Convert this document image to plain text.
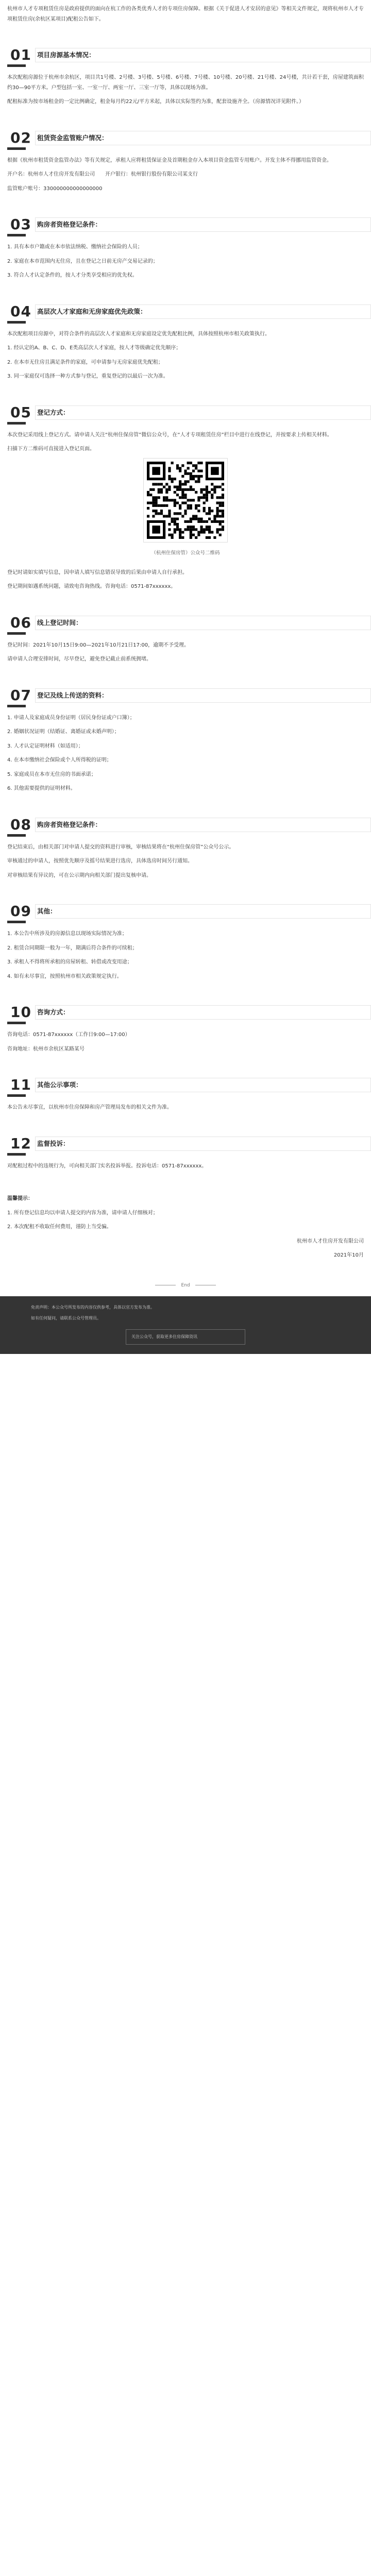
杭州市人才专项租赁住房是政府提供的面向在杭工作的各类优秀人才的专项住房保障。根据《关于促进人才安居的意见》等相关文件规定，现将杭州市人才专项租赁住房(余杭区某项目)配租公告如下。

01 项目房源基本情况：

本次配租房源位于杭州市余杭区，项目共1号楼、2号楼、3号楼、5号楼、6号楼、7号楼、10号楼、20号楼、21号楼、24号楼，共计若干套，房屋建筑面积约30—90平方米。户型包括一室、一室一厅、两室一厅、三室一厅等，具体以现场为准。

配租标准为按市场租金的一定比例确定，租金每月约22元/平方米起，具体以实际签约为准，配套设施齐全。（房源情况详见附件。）

02 租赁资金监管账户情况：

根据《杭州市租赁资金监管办法》等有关规定，承租人应将租赁保证金及首期租金存入本项目资金监管专用账户。开发主体不得挪用监管资金。

开户名：杭州市人才住房开发有限公司　　开户银行：杭州银行股份有限公司某支行

监管账户账号：330000000000000000

03 购房者资格登记条件：

1. 具有本市户籍或在本市依法纳税、缴纳社会保险的人员；

2. 家庭在本市范围内无住房，且在登记之日前无房产交易记录的；

3. 符合人才认定条件的，按人才分类享受相应的优先权。

04 高层次人才家庭和无房家庭优先政策：

本次配租项目房源中，对符合条件的高层次人才家庭和无房家庭设定优先配租比例，具体按照杭州市相关政策执行。

1. 经认定的A、B、C、D、E类高层次人才家庭，按人才等级确定优先顺序；

2. 在本市无住房且满足条件的家庭，可申请参与无房家庭优先配租；

3. 同一家庭仅可选择一种方式参与登记，重复登记的以最后一次为准。

05 登记方式：

本次登记采用线上登记方式。请申请人关注“杭州住保房管”微信公众号，在“人才专项租赁住房”栏目中进行在线登记，并按要求上传相关材料。

扫描下方二维码可直接进入登记页面。

（杭州住保房管）公众号二维码

登记时请如实填写信息，因申请人填写信息错误导致的后果由申请人自行承担。

登记期间如遇系统问题，请致电咨询热线。咨询电话：0571-87xxxxxx。

06 线上登记时间：

登记时间：2021年10月15日9:00—2021年10月21日17:00，逾期不予受理。

请申请人合理安排时间，尽早登记，避免登记截止前系统拥堵。

07 登记及线上传送的资料：

1. 申请人及家庭成员身份证明（居民身份证或户口簿）；

2. 婚姻状况证明（结婚证、离婚证或未婚声明）；

3. 人才认定证明材料（如适用）；

4. 在本市缴纳社会保险或个人所得税的证明；

5. 家庭成员在本市无住房的书面承诺；

6. 其他需要提供的证明材料。

08 购房者资格登记条件：

登记结束后，由相关部门对申请人提交的资料进行审核，审核结果将在“杭州住保房管”公众号公示。

审核通过的申请人，按照优先顺序及摇号结果进行选房，具体选房时间另行通知。

对审核结果有异议的，可在公示期内向相关部门提出复核申请。

09 其他：

1. 本公告中所涉及的房源信息以现场实际情况为准；

2. 租赁合同期限一般为一年，期满后符合条件的可续租；

3. 承租人不得将所承租的房屋转租、转借或改变用途；

4. 如有未尽事宜，按照杭州市相关政策规定执行。

10 咨询方式：

咨询电话：0571-87xxxxxx（工作日9:00—17:00）

咨询地址：杭州市余杭区某路某号

11 其他公示事项：

本公告未尽事宜，以杭州市住房保障和房产管理局发布的相关文件为准。

12 监督投诉：

对配租过程中的违规行为，可向相关部门实名投诉举报。投诉电话：0571-87xxxxxx。

温馨提示：

1. 所有登记信息均以申请人提交的内容为准，请申请人仔细核对；

2. 本次配租不收取任何费用，谨防上当受骗。

杭州市人才住房开发有限公司

2021年10月

End

免责声明：本公众号所发布的内容仅供参考，具体以官方发布为准。

如有任何疑问，请联系公众号管理员。

关注公众号，获取更多住房保障资讯
